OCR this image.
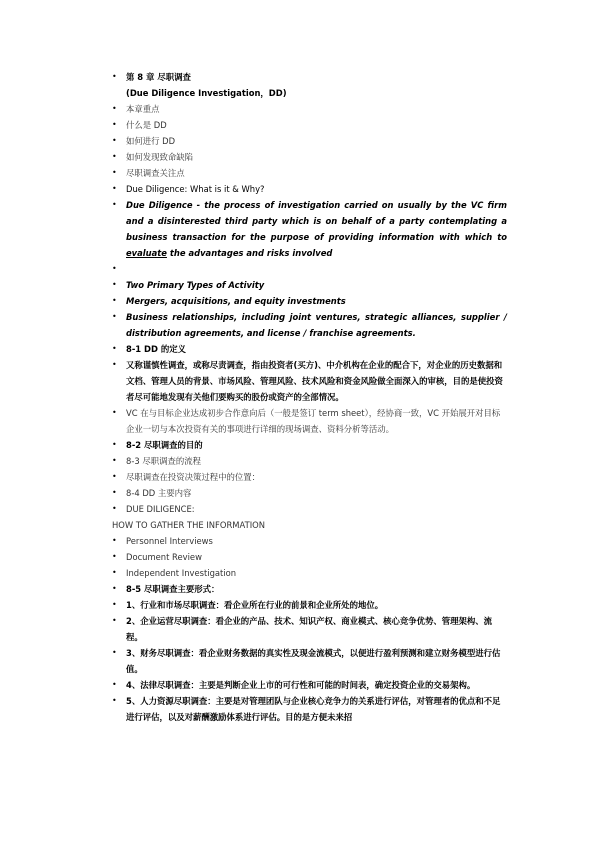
•	第 8 章 尽职调查
(Due Diligence Investigation，DD)
•	本章重点
•	什么是 DD
•	如何进行 DD
•	如何发现致命缺陷
•	尽职调查关注点
•	Due Diligence: What is it & Why?
•	Due Diligence - the process of investigation carried on usually by the VC firm and a disinterested third party which is on behalf of a party contemplating a business transaction for the purpose of providing information with which to evaluate the advantages and risks involved
•
•	Two Primary Types of Activity
•	Mergers, acquisitions, and equity investments
•	Business relationships, including joint ventures, strategic alliances, supplier / distribution agreements, and license / franchise agreements.
•	8-1 DD 的定义
•	又称谨慎性调查，或称尽责调查，指由投资者(买方)、中介机构在企业的配合下，对企业的历史数据和文档、管理人员的背景、市场风险、管理风险、技术风险和资金风险做全面深入的审核，目的是使投资者尽可能地发现有关他们要购买的股份或资产的全部情况。
•	VC 在与目标企业达成初步合作意向后（一般是签订 term sheet），经协商一致，VC 开始展开对目标企业一切与本次投资有关的事项进行详细的现场调查、资料分析等活动。
•	8-2 尽职调查的目的
•	8-3 尽职调查的流程
•	尽职调查在投资决策过程中的位置：
•	8-4 DD 主要内容
•	DUE DILIGENCE:
HOW TO GATHER THE INFORMATION
•	Personnel Interviews
•	Document Review
•	Independent Investigation
•	8-5 尽职调查主要形式：
•	1、行业和市场尽职调查：看企业所在行业的前景和企业所处的地位。
•	2、企业运营尽职调查：看企业的产品、技术、知识产权、商业模式、核心竞争优势、管理架构、流程。
•	3、财务尽职调查：看企业财务数据的真实性及现金流模式，以便进行盈利预测和建立财务模型进行估值。
•	4、法律尽职调查：主要是判断企业上市的可行性和可能的时间表，确定投资企业的交易架构。
•	5、人力资源尽职调查：主要是对管理团队与企业核心竞争力的关系进行评估，对管理者的优点和不足进行评估，以及对薪酬激励体系进行评估。目的是方便未来招
